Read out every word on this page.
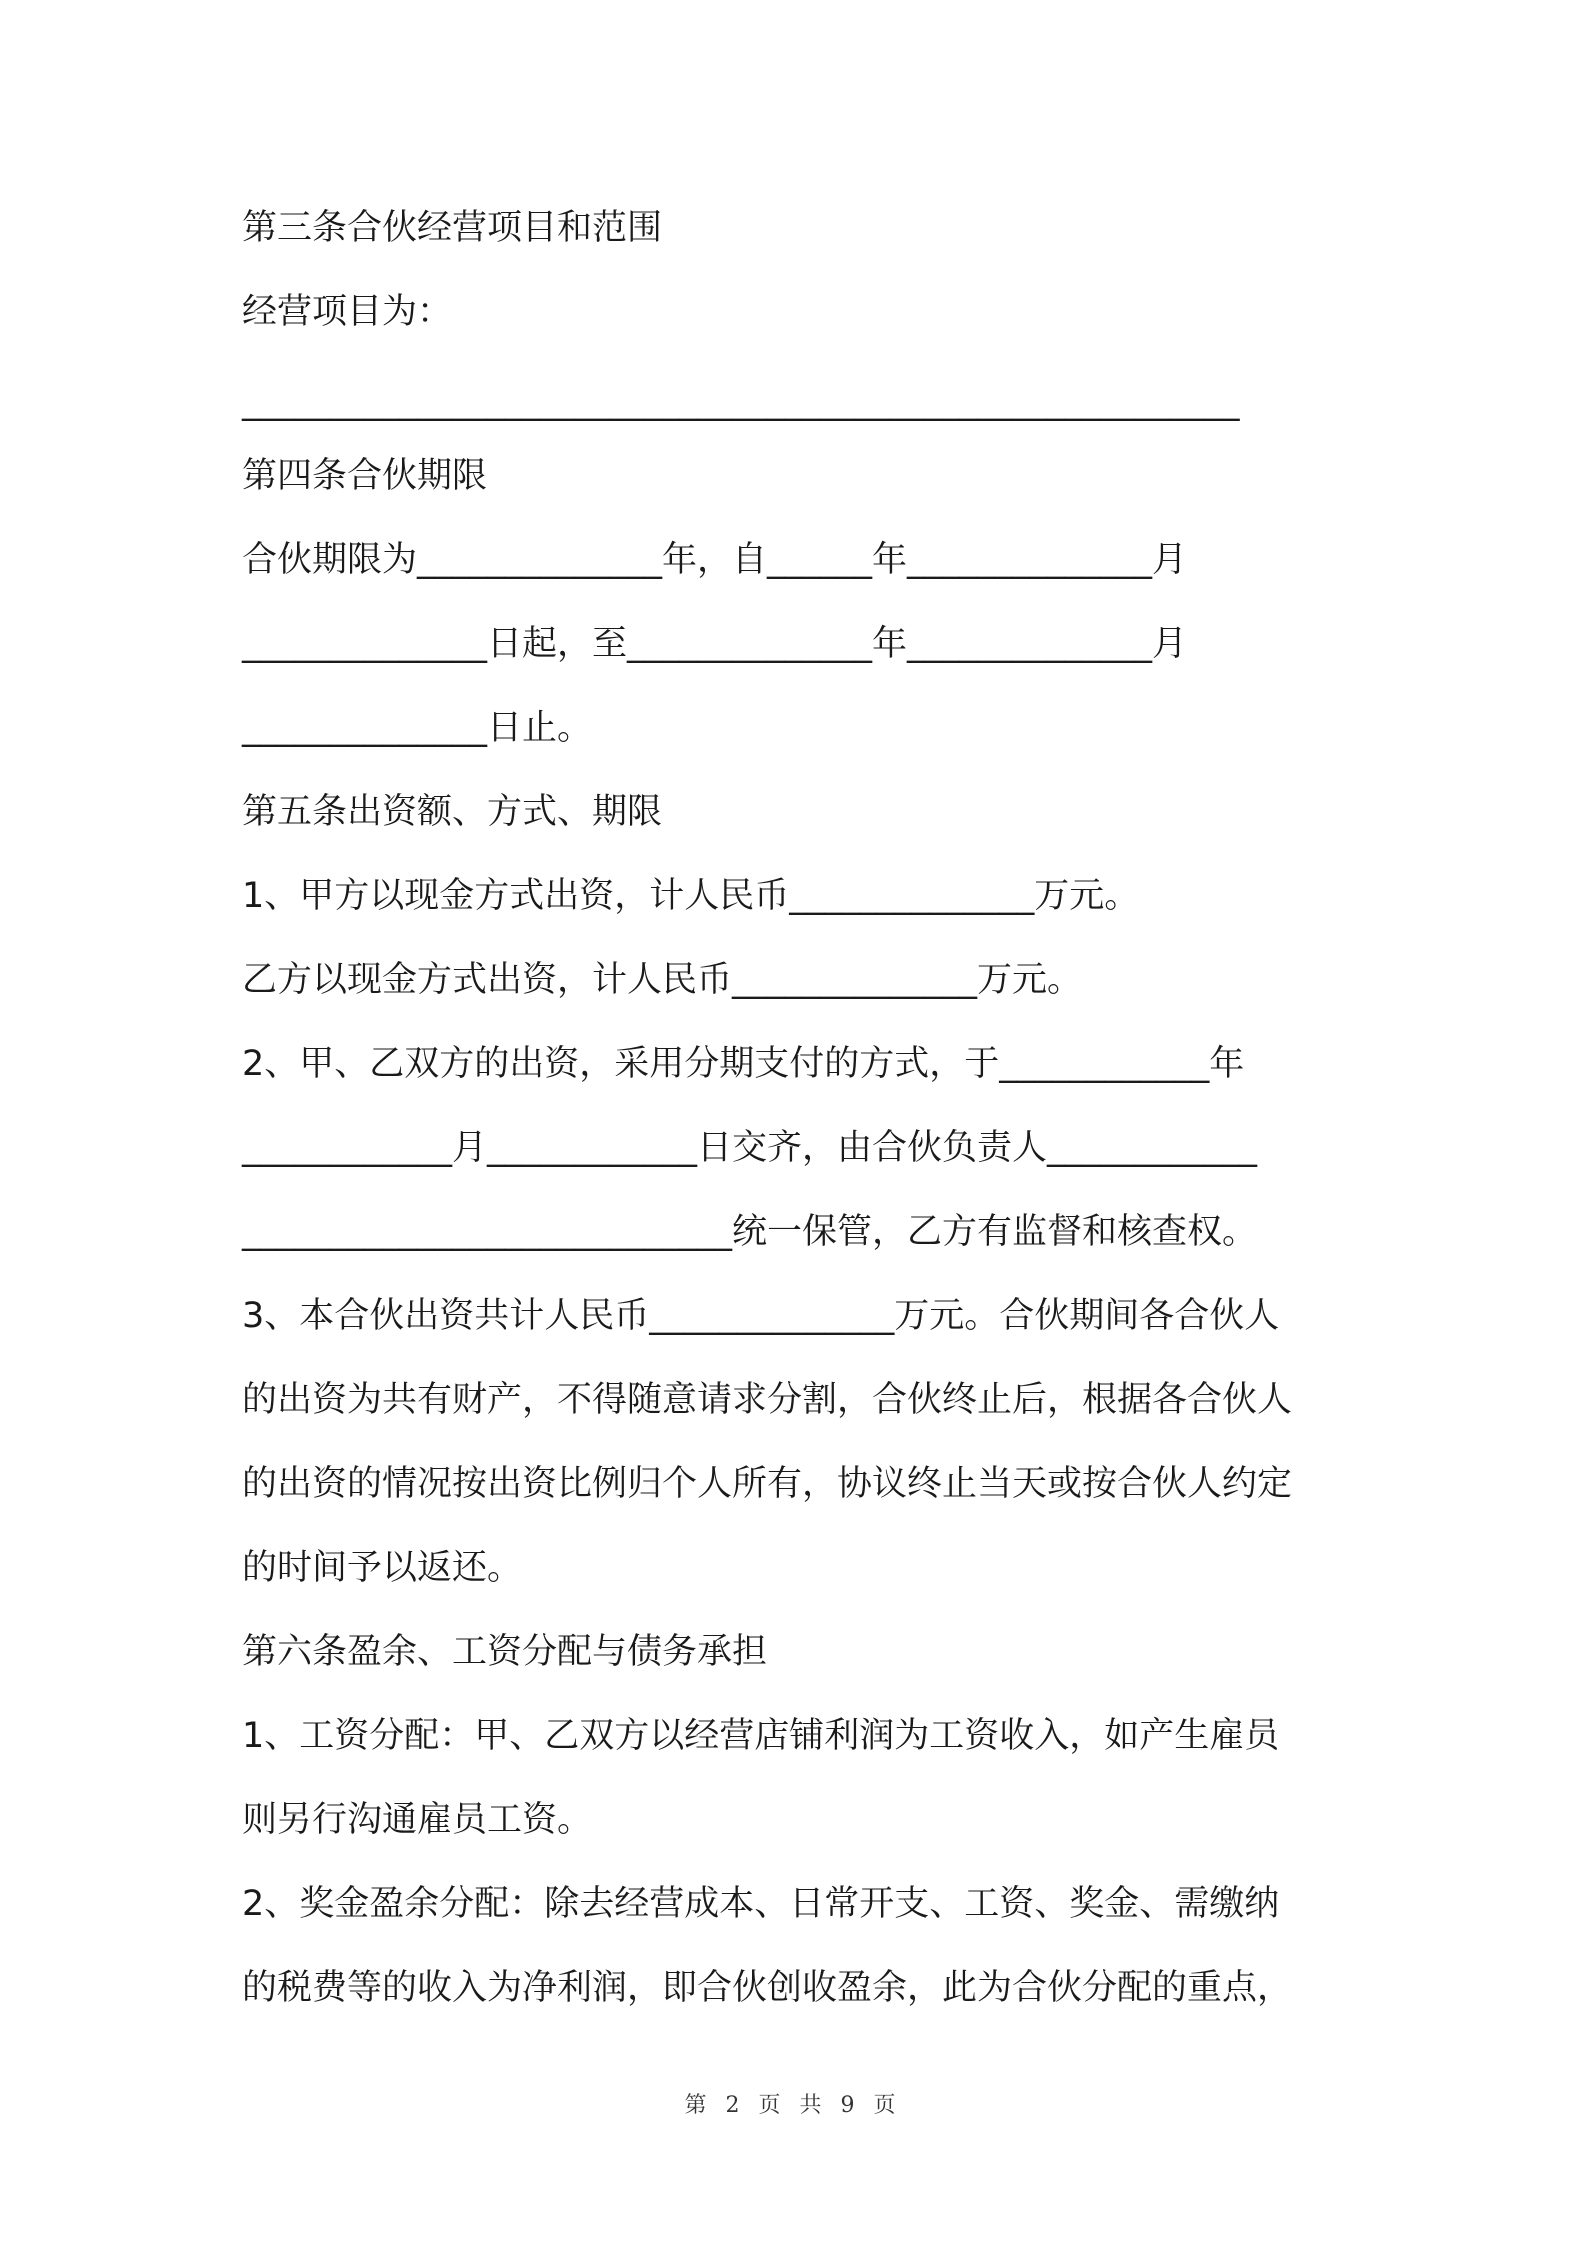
第三条合伙经营项目和范围
经营项目为：
_________________________________________________________
第四条合伙期限
合伙期限为______________年，自______年______________月
______________日起，至______________年______________月
______________日止。
第五条出资额、方式、期限
1、甲方以现金方式出资，计人民币______________万元。
乙方以现金方式出资，计人民币______________万元。
2、甲、乙双方的出资，采用分期支付的方式，于____________年
____________月____________日交齐，由合伙负责人____________
____________________________统一保管，乙方有监督和核查权。
3、本合伙出资共计人民币______________万元。合伙期间各合伙人
的出资为共有财产，不得随意请求分割，合伙终止后，根据各合伙人
的出资的情况按出资比例归个人所有，协议终止当天或按合伙人约定
的时间予以返还。
第六条盈余、工资分配与债务承担
1、工资分配：甲、乙双方以经营店铺利润为工资收入，如产生雇员
则另行沟通雇员工资。
2、奖金盈余分配：除去经营成本、日常开支、工资、奖金、需缴纳
的税费等的收入为净利润，即合伙创收盈余，此为合伙分配的重点，
第 2 页 共 9 页
